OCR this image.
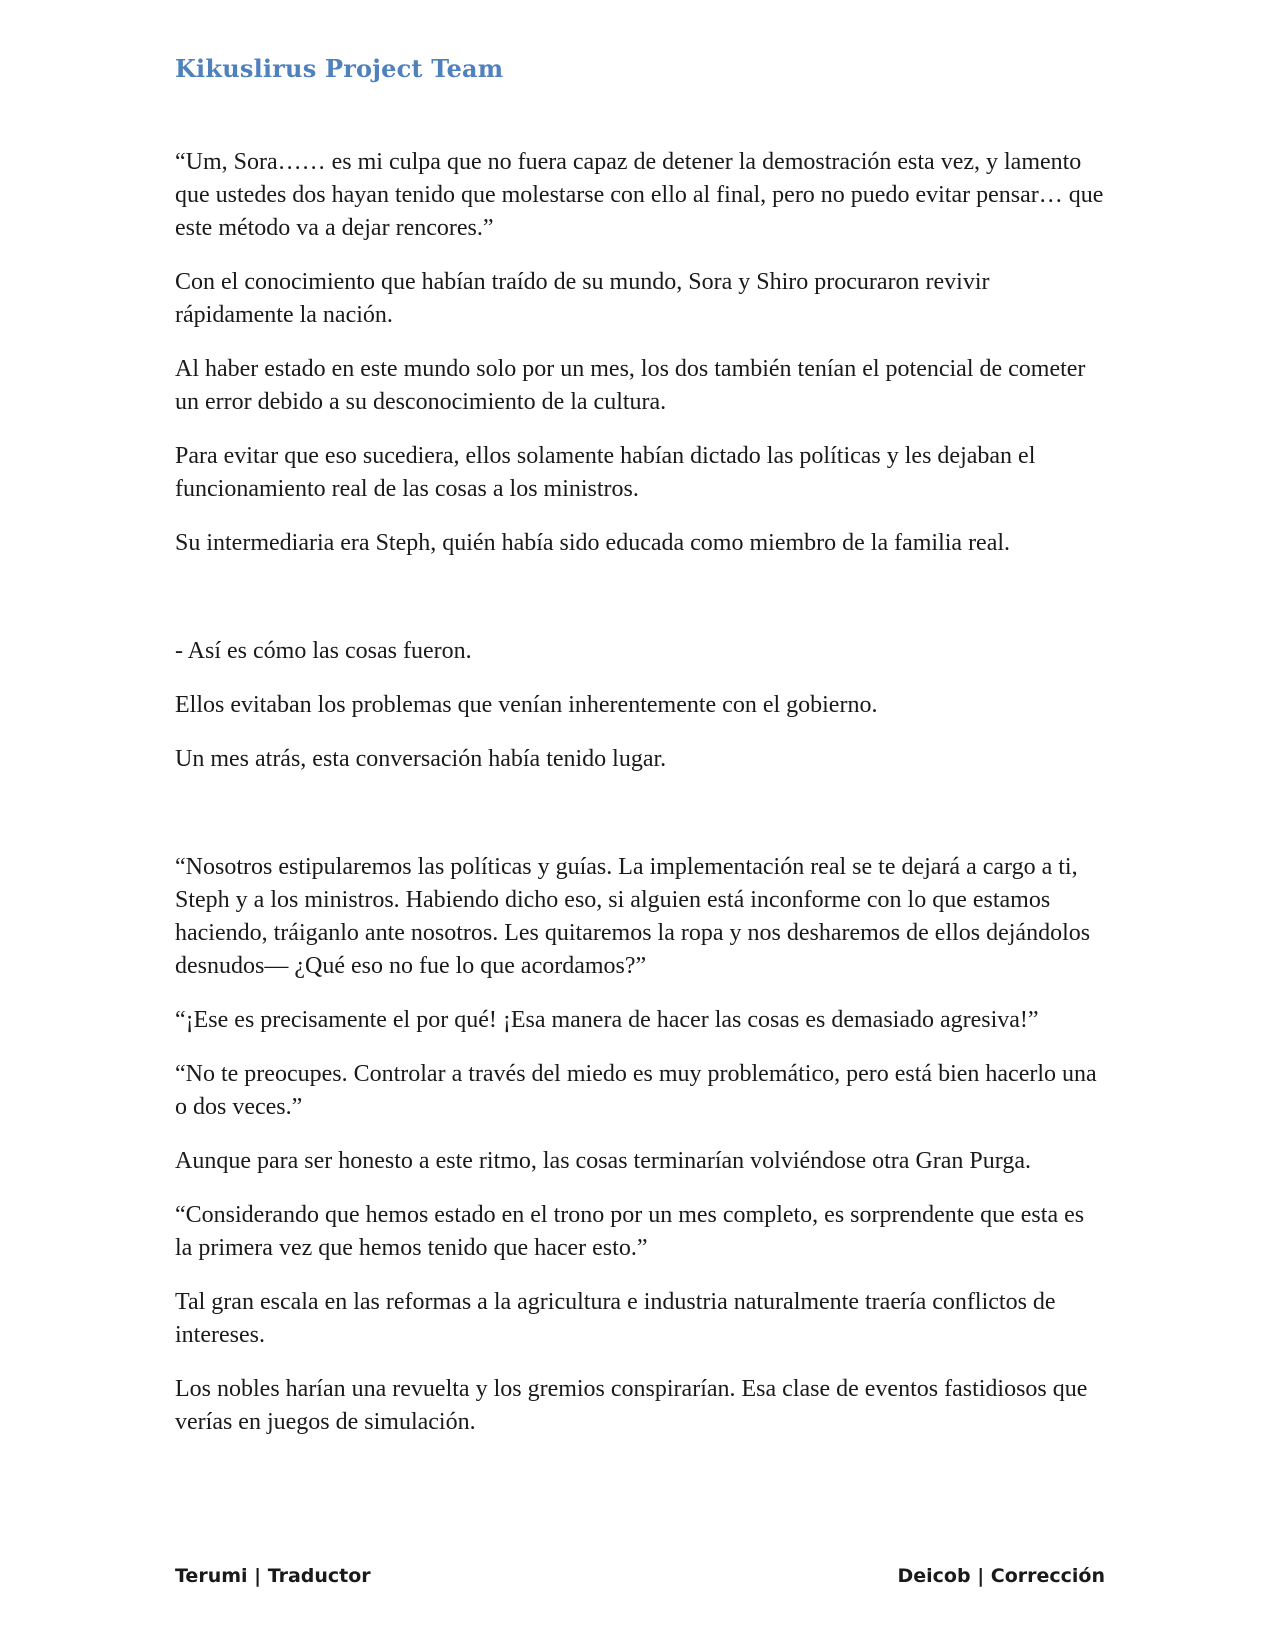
Kikuslirus Project Team

“Um, Sora…… es mi culpa que no fuera capaz de detener la demostración esta vez, y lamento que ustedes dos hayan tenido que molestarse con ello al final, pero no puedo evitar pensar… que este método va a dejar rencores.”

Con el conocimiento que habían traído de su mundo, Sora y Shiro procuraron revivir rápidamente la nación.

Al haber estado en este mundo solo por un mes, los dos también tenían el potencial de cometer un error debido a su desconocimiento de la cultura.

Para evitar que eso sucediera, ellos solamente habían dictado las políticas y les dejaban el funcionamiento real de las cosas a los ministros.

Su intermediaria era Steph, quién había sido educada como miembro de la familia real.

- Así es cómo las cosas fueron.

Ellos evitaban los problemas que venían inherentemente con el gobierno.

Un mes atrás, esta conversación había tenido lugar.

“Nosotros estipularemos las políticas y guías. La implementación real se te dejará a cargo a ti, Steph y a los ministros. Habiendo dicho eso, si alguien está inconforme con lo que estamos haciendo, tráiganlo ante nosotros. Les quitaremos la ropa y nos desharemos de ellos dejándolos desnudos— ¿Qué eso no fue lo que acordamos?”

“¡Ese es precisamente el por qué! ¡Esa manera de hacer las cosas es demasiado agresiva!”

“No te preocupes. Controlar a través del miedo es muy problemático, pero está bien hacerlo una o dos veces.”

Aunque para ser honesto a este ritmo, las cosas terminarían volviéndose otra Gran Purga.

“Considerando que hemos estado en el trono por un mes completo, es sorprendente que esta es la primera vez que hemos tenido que hacer esto.”

Tal gran escala en las reformas a la agricultura e industria naturalmente traería conflictos de intereses.

Los nobles harían una revuelta y los gremios conspirarían. Esa clase de eventos fastidiosos que verías en juegos de simulación.

Terumi | Traductor	Deicob | Corrección
